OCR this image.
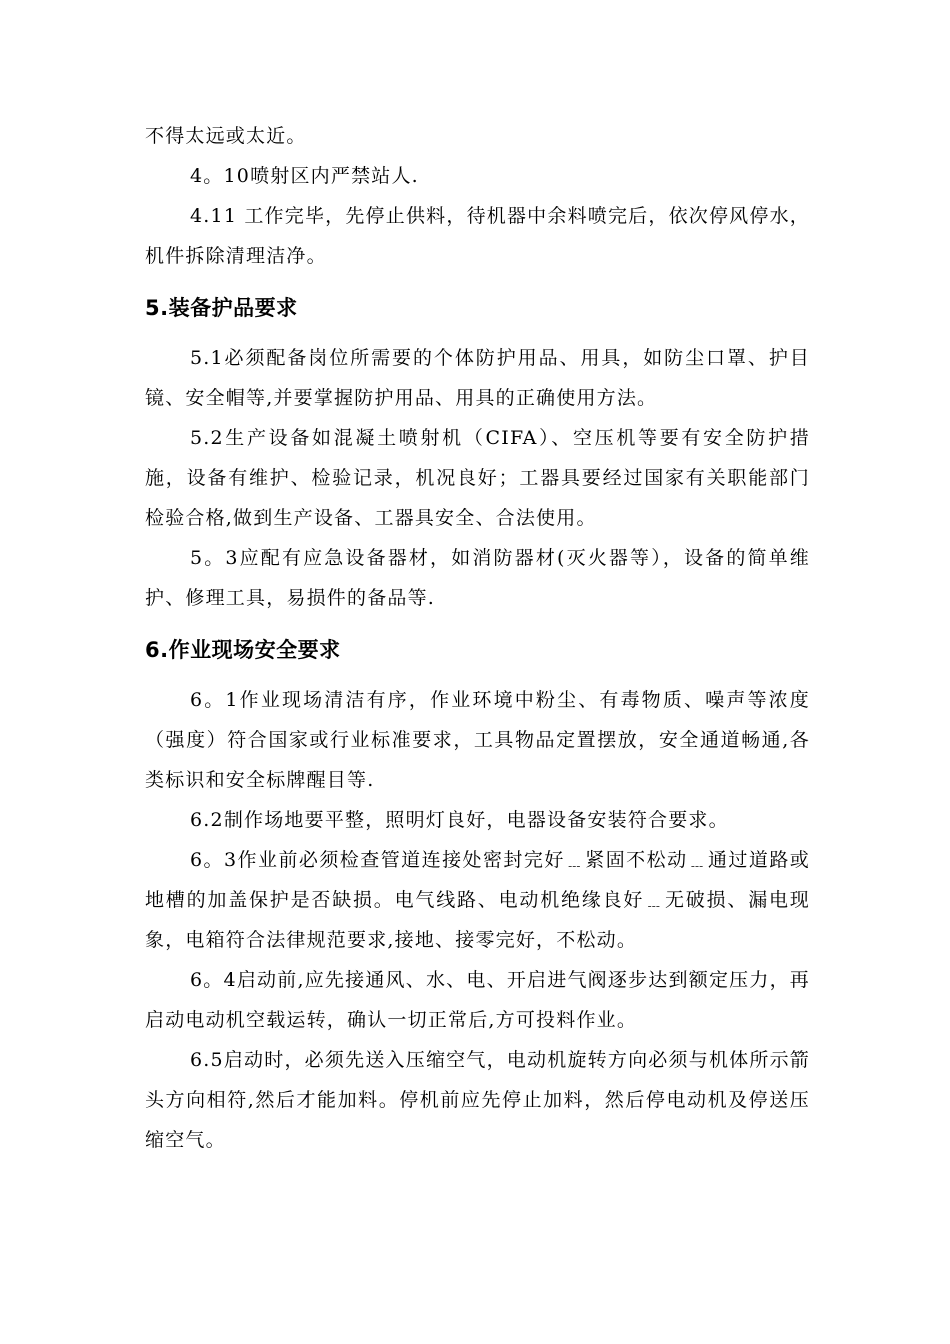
不得太远或太近。

4。10喷射区内严禁站人.

4.11 工作完毕，先停止供料，待机器中余料喷完后，依次停风停水，机件拆除清理洁净。

5.装备护品要求

5.1必须配备岗位所需要的个体防护用品、用具，如防尘口罩、护目镜、安全帽等,并要掌握防护用品、用具的正确使用方法。

5.2生产设备如混凝土喷射机（CIFA）、空压机等要有安全防护措施，设备有维护、检验记录，机况良好；工器具要经过国家有关职能部门检验合格,做到生产设备、工器具安全、合法使用。

5。3应配有应急设备器材，如消防器材(灭火器等），设备的简单维护、修理工具，易损件的备品等.

6.作业现场安全要求

6。1作业现场清洁有序，作业环境中粉尘、有毒物质、噪声等浓度（强度）符合国家或行业标准要求，工具物品定置摆放，安全通道畅通,各类标识和安全标牌醒目等.

6.2制作场地要平整，照明灯良好，电器设备安装符合要求。

6。3作业前必须检查管道连接处密封完好﹍紧固不松动﹍通过道路或地槽的加盖保护是否缺损。电气线路、电动机绝缘良好﹍无破损、漏电现象，电箱符合法律规范要求,接地、接零完好，不松动。

6。4启动前,应先接通风、水、电、开启进气阀逐步达到额定压力，再启动电动机空载运转，确认一切正常后,方可投料作业。

6.5启动时，必须先送入压缩空气，电动机旋转方向必须与机体所示箭头方向相符,然后才能加料。停机前应先停止加料，然后停电动机及停送压缩空气。
